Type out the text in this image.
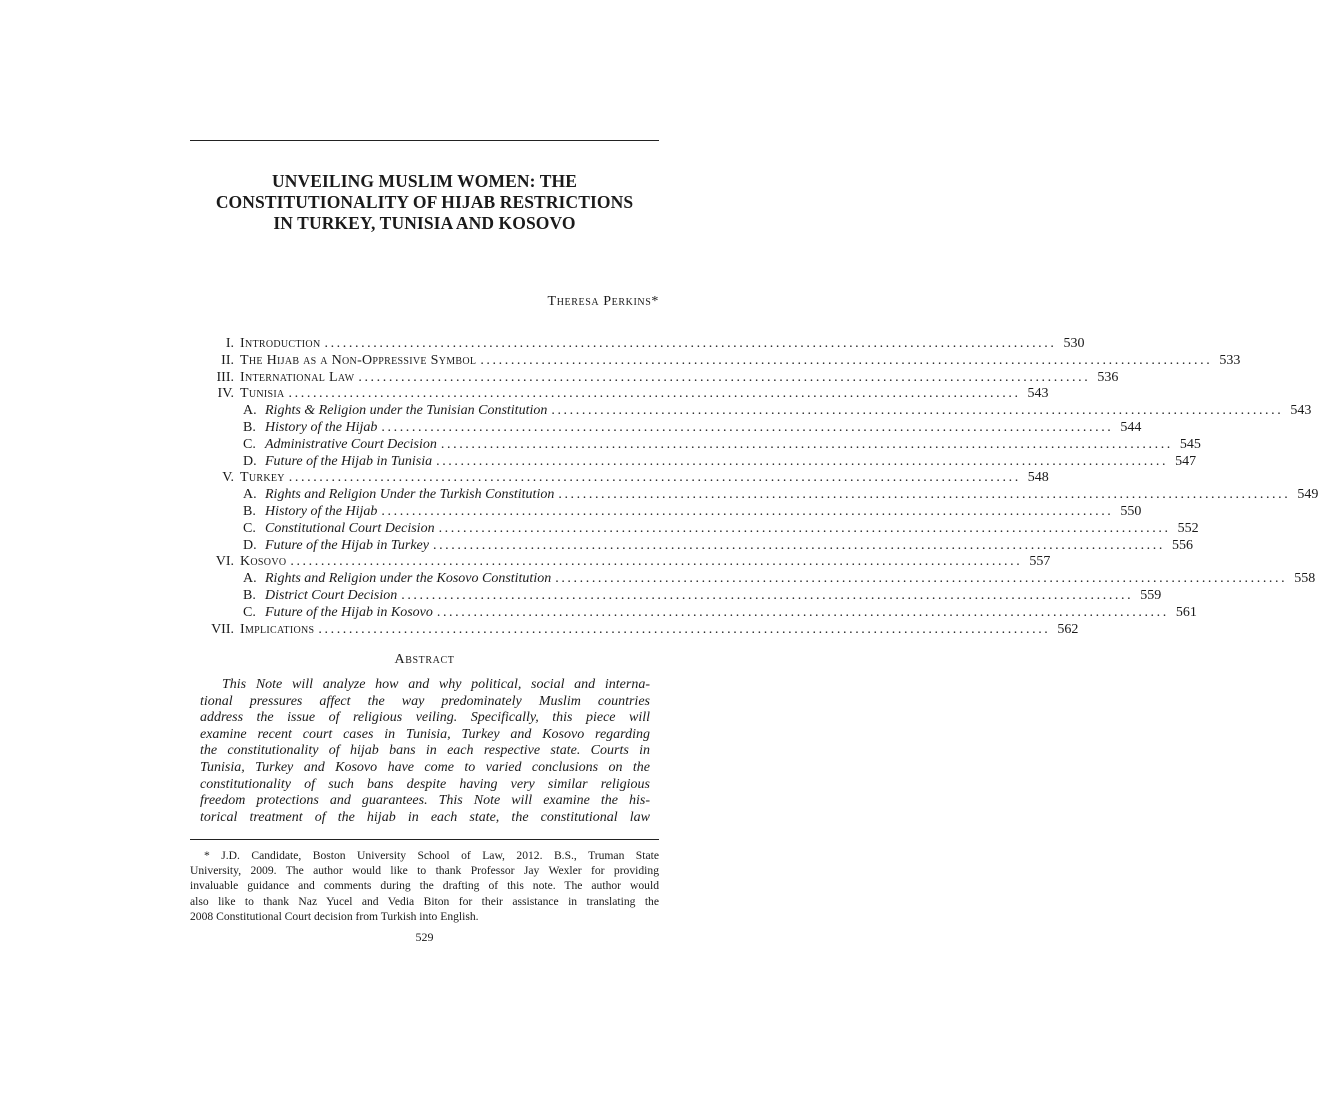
UNVEILING MUSLIM WOMEN: THE
CONSTITUTIONALITY OF HIJAB RESTRICTIONS
IN TURKEY, TUNISIA AND KOSOVO
Theresa Perkins*
I. Introduction ........................................................................................................................ 530
II. The Hijab as a Non-Oppressive Symbol ........................................................................................................................ 533
III. International Law ........................................................................................................................ 536
IV. Tunisia ........................................................................................................................ 543
A. Rights & Religion under the Tunisian Constitution ........................................................................................................................ 543
B. History of the Hijab ........................................................................................................................ 544
C. Administrative Court Decision ........................................................................................................................ 545
D. Future of the Hijab in Tunisia ........................................................................................................................ 547
V. Turkey ........................................................................................................................ 548
A. Rights and Religion Under the Turkish Constitution ........................................................................................................................ 549
B. History of the Hijab ........................................................................................................................ 550
C. Constitutional Court Decision ........................................................................................................................ 552
D. Future of the Hijab in Turkey ........................................................................................................................ 556
VI. Kosovo ........................................................................................................................ 557
A. Rights and Religion under the Kosovo Constitution ........................................................................................................................ 558
B. District Court Decision ........................................................................................................................ 559
C. Future of the Hijab in Kosovo ........................................................................................................................ 561
VII. Implications ........................................................................................................................ 562
Abstract
This Note will analyze how and why political, social and interna-
tional pressures affect the way predominately Muslim countries
address the issue of religious veiling. Specifically, this piece will
examine recent court cases in Tunisia, Turkey and Kosovo regarding
the constitutionality of hijab bans in each respective state. Courts in
Tunisia, Turkey and Kosovo have come to varied conclusions on the
constitutionality of such bans despite having very similar religious
freedom protections and guarantees. This Note will examine the his-
torical treatment of the hijab in each state, the constitutional law
* J.D. Candidate, Boston University School of Law, 2012. B.S., Truman State
University, 2009. The author would like to thank Professor Jay Wexler for providing
invaluable guidance and comments during the drafting of this note. The author would
also like to thank Naz Yucel and Vedia Biton for their assistance in translating the
2008 Constitutional Court decision from Turkish into English.
529
